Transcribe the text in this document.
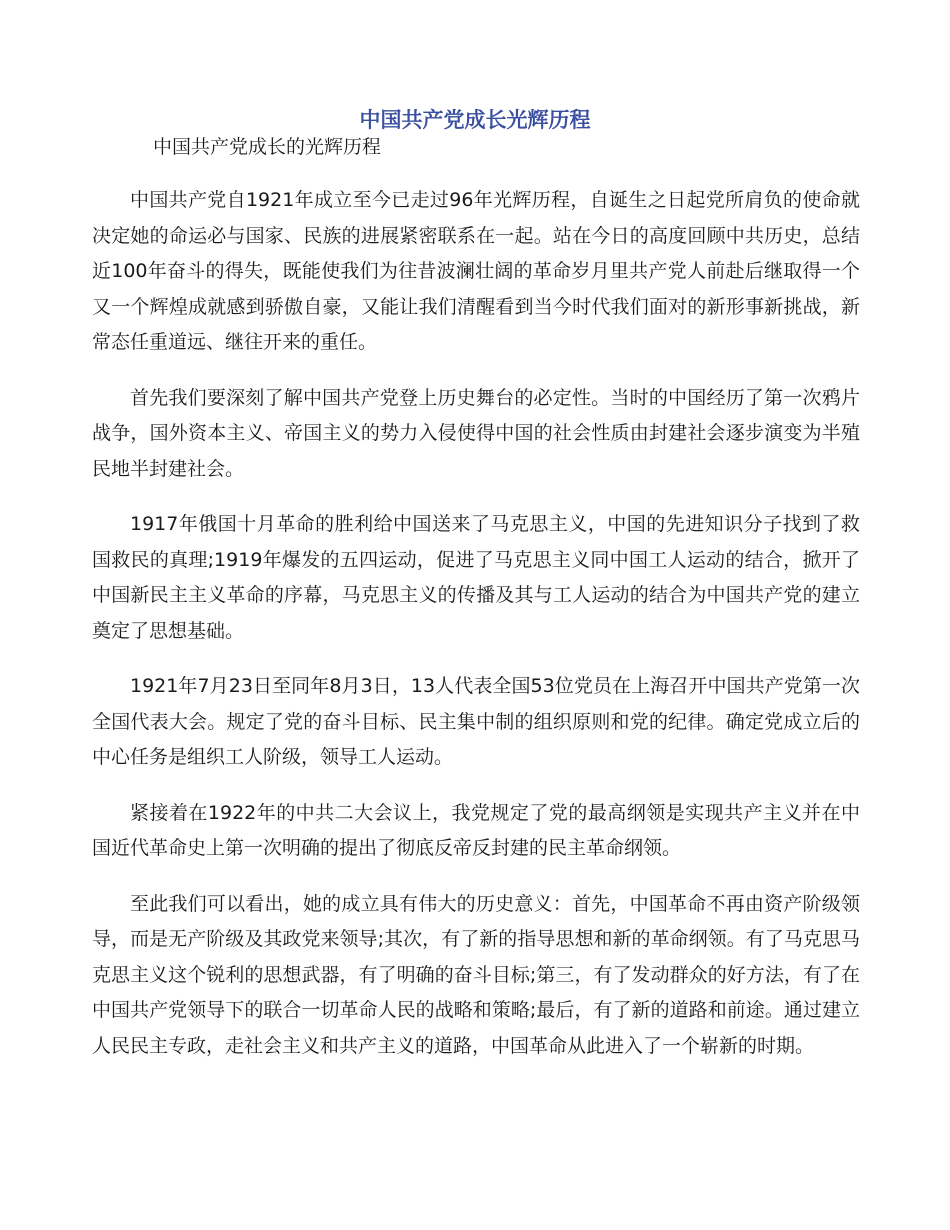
中国共产党成长光辉历程
中国共产党成长的光辉历程

中国共产党自1921年成立至今已走过96年光辉历程，自诞生之日起党所肩负的使命就决定她的命运必与国家、民族的进展紧密联系在一起。站在今日的高度回顾中共历史，总结近100年奋斗的得失，既能使我们为往昔波澜壮阔的革命岁月里共产党人前赴后继取得一个又一个辉煌成就感到骄傲自豪，又能让我们清醒看到当今时代我们面对的新形事新挑战，新常态任重道远、继往开来的重任。

首先我们要深刻了解中国共产党登上历史舞台的必定性。当时的中国经历了第一次鸦片战争，国外资本主义、帝国主义的势力入侵使得中国的社会性质由封建社会逐步演变为半殖民地半封建社会。

1917年俄国十月革命的胜利给中国送来了马克思主义，中国的先进知识分子找到了救国救民的真理;1919年爆发的五四运动，促进了马克思主义同中国工人运动的结合，掀开了中国新民主主义革命的序幕，马克思主义的传播及其与工人运动的结合为中国共产党的建立奠定了思想基础。

1921年7月23日至同年8月3日，13人代表全国53位党员在上海召开中国共产党第一次全国代表大会。规定了党的奋斗目标、民主集中制的组织原则和党的纪律。确定党成立后的中心任务是组织工人阶级，领导工人运动。

紧接着在1922年的中共二大会议上，我党规定了党的最高纲领是实现共产主义并在中国近代革命史上第一次明确的提出了彻底反帝反封建的民主革命纲领。

至此我们可以看出，她的成立具有伟大的历史意义：首先，中国革命不再由资产阶级领导，而是无产阶级及其政党来领导;其次，有了新的指导思想和新的革命纲领。有了马克思马克思主义这个锐利的思想武器，有了明确的奋斗目标;第三，有了发动群众的好方法，有了在中国共产党领导下的联合一切革命人民的战略和策略;最后，有了新的道路和前途。通过建立人民民主专政，走社会主义和共产主义的道路，中国革命从此进入了一个崭新的时期。
